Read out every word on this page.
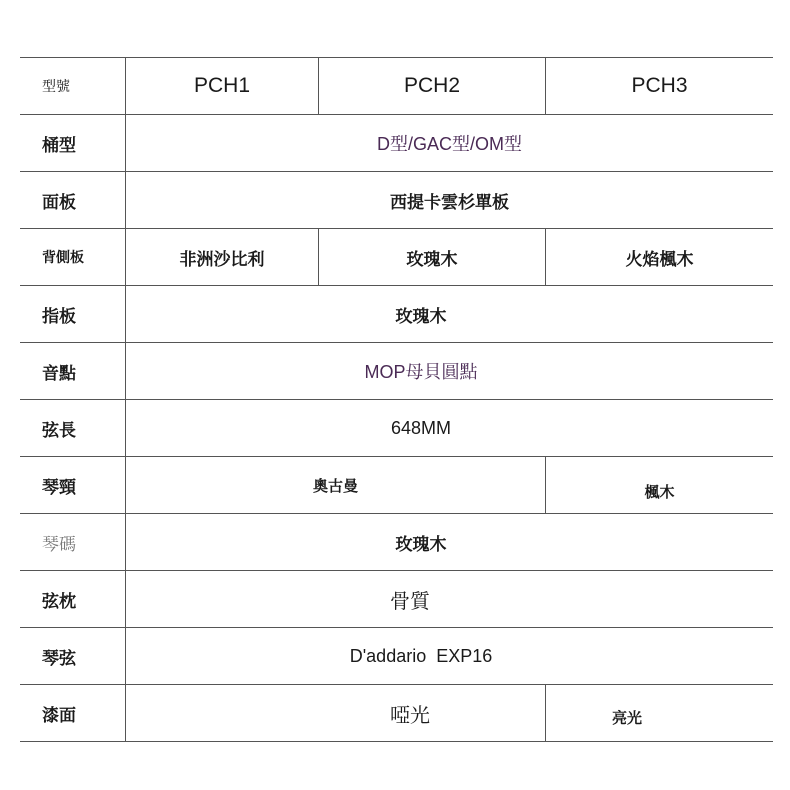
型號	PCH1	PCH2	PCH3
桶型	D型/GAC型/OM型
面板	西提卡雲杉單板
背側板	非洲沙比利	玫瑰木	火焰楓木
指板	玫瑰木
音點	MOP母貝圓點
弦長	648MM
琴頸	奧古曼	楓木
琴碼	玫瑰木
弦枕	骨質
琴弦	D'addario  EXP16
漆面	啞光	亮光
